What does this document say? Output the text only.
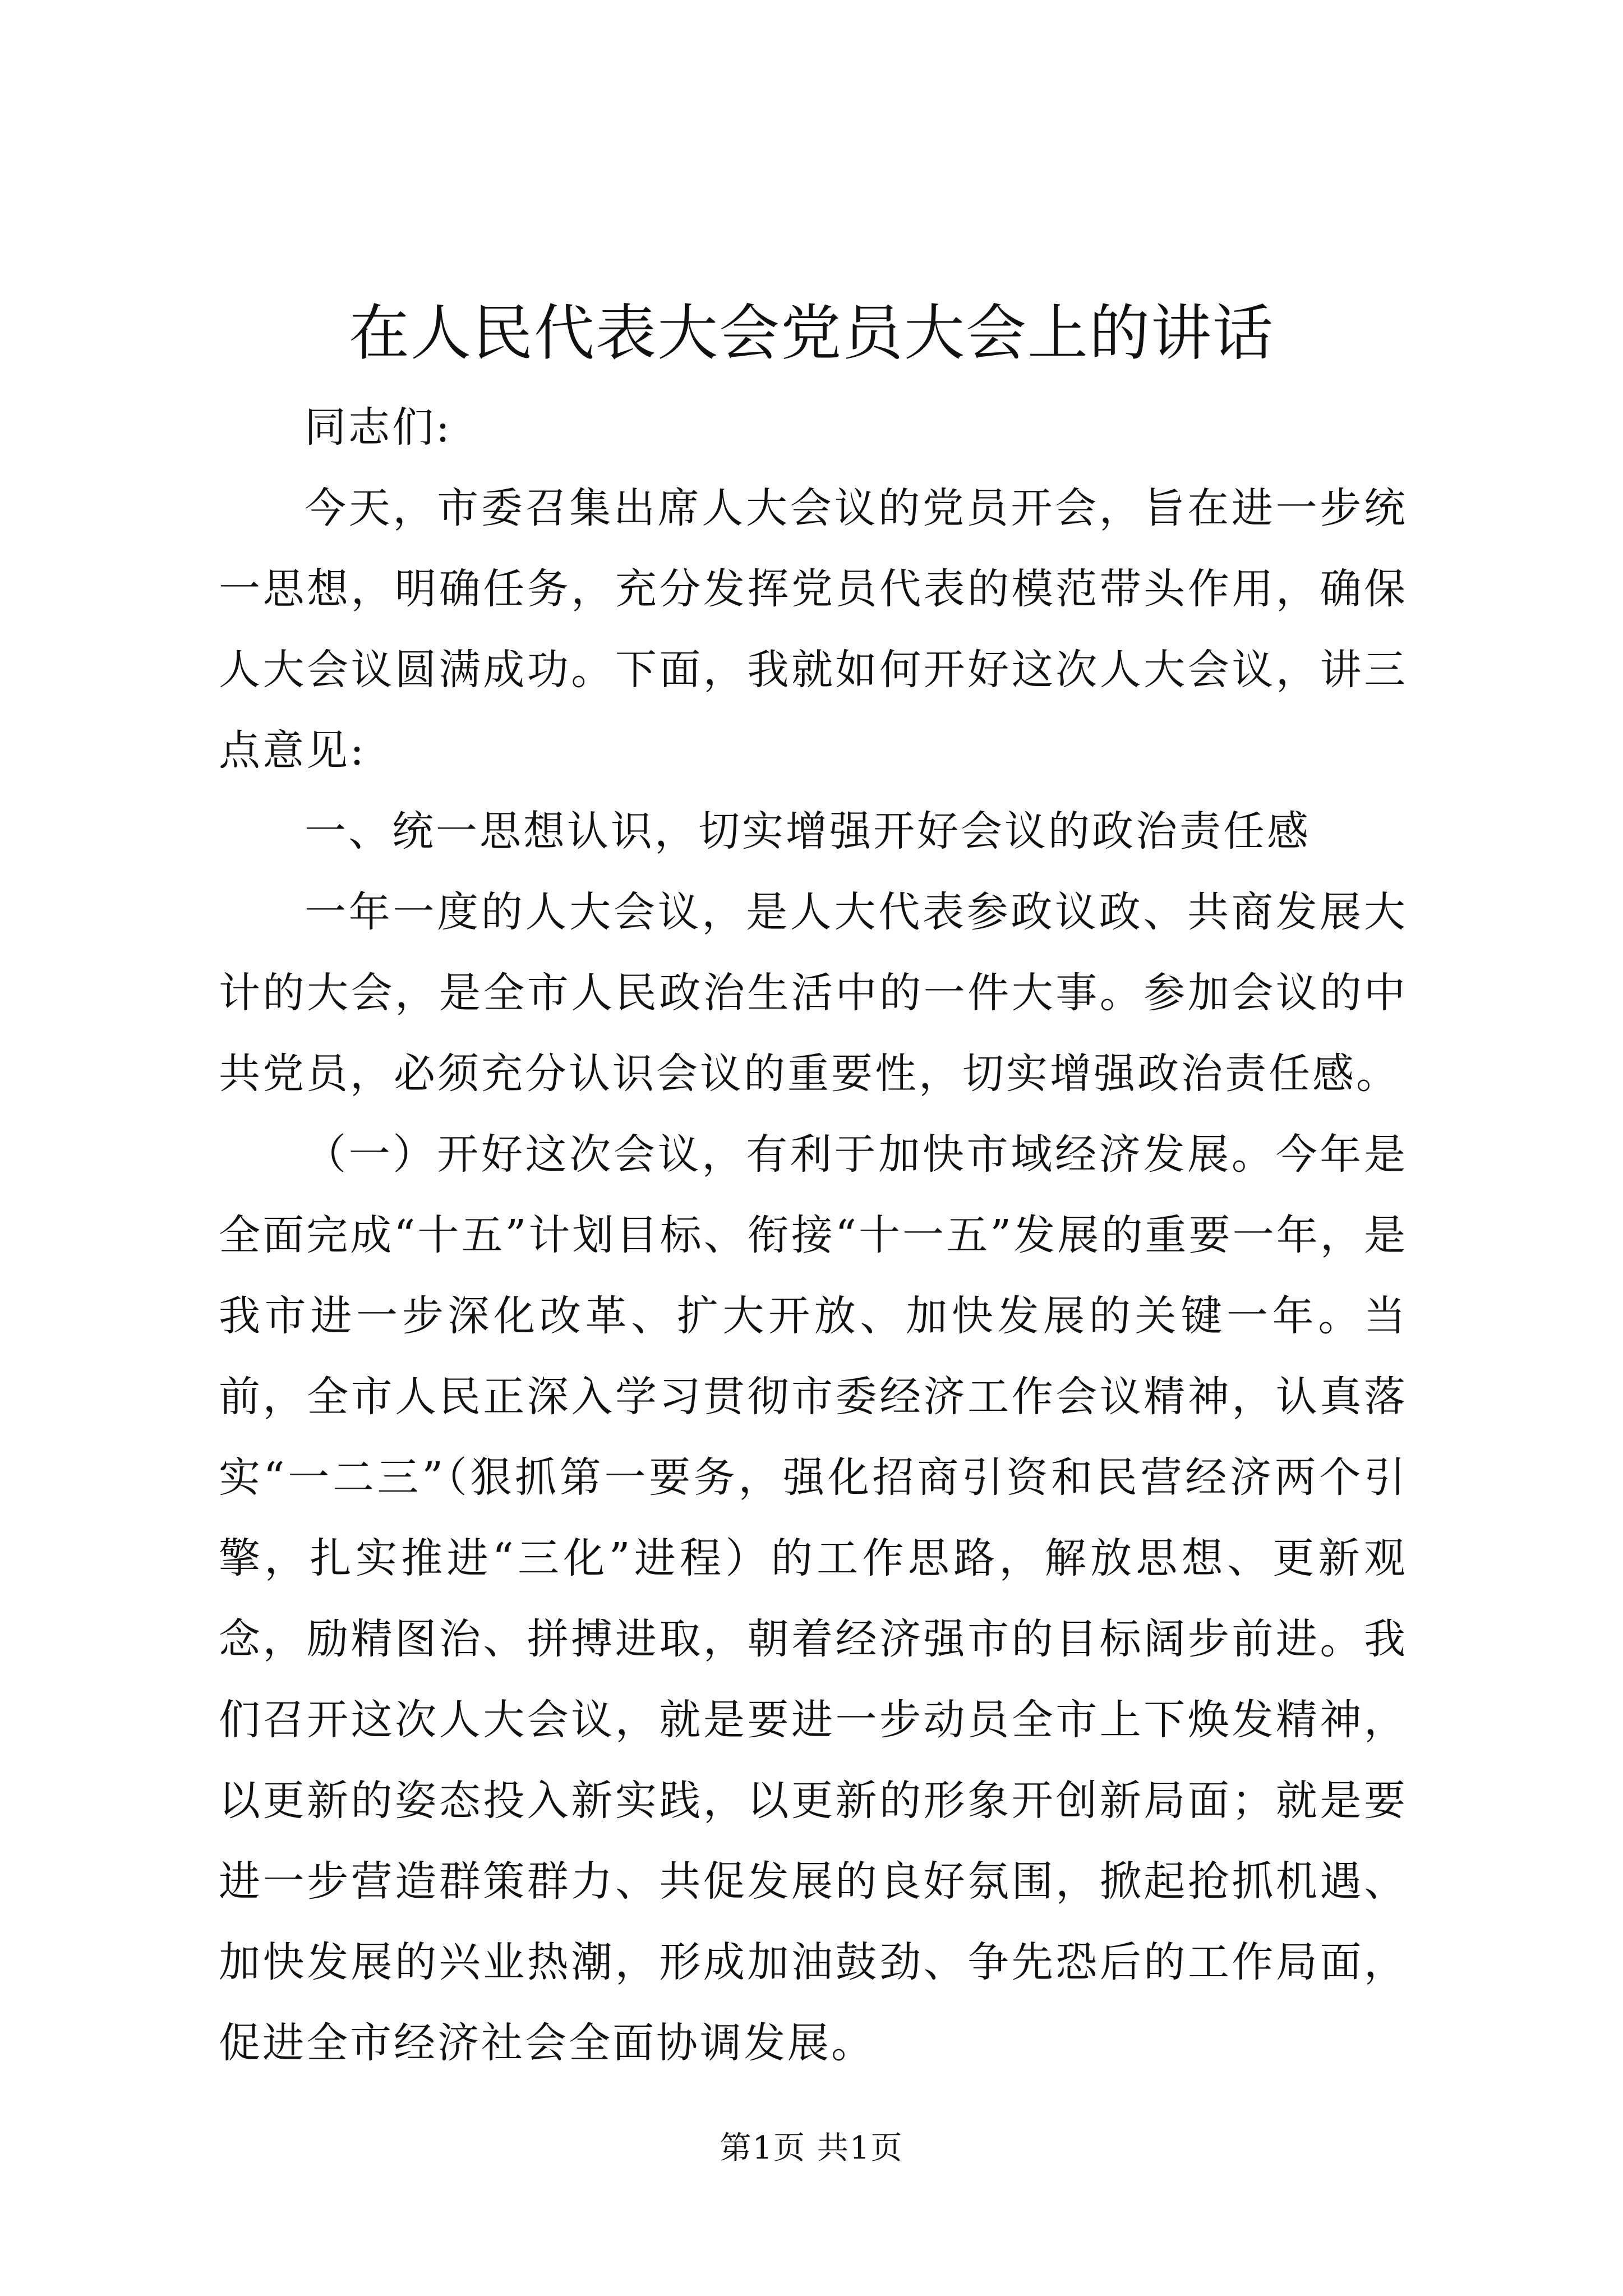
在人民代表大会党员大会上的讲话

同志们:

今天，市委召集出席人大会议的党员开会，旨在进一步统一思想，明确任务，充分发挥党员代表的模范带头作用，确保人大会议圆满成功。下面，我就如何开好这次人大会议，讲三点意见:

一、统一思想认识，切实增强开好会议的政治责任感

一年一度的人大会议，是人大代表参政议政、共商发展大计的大会，是全市人民政治生活中的一件大事。参加会议的中共党员，必须充分认识会议的重要性，切实增强政治责任感。

（一）开好这次会议，有利于加快市域经济发展。今年是全面完成“十五”计划目标、衔接“十一五”发展的重要一年，是我市进一步深化改革、扩大开放、加快发展的关键一年。当前，全市人民正深入学习贯彻市委经济工作会议精神，认真落实“一二三”（狠抓第一要务，强化招商引资和民营经济两个引擎，扎实推进“三化”进程）的工作思路，解放思想、更新观念，励精图治、拼搏进取，朝着经济强市的目标阔步前进。我们召开这次人大会议，就是要进一步动员全市上下焕发精神，以更新的姿态投入新实践，以更新的形象开创新局面；就是要进一步营造群策群力、共促发展的良好氛围，掀起抢抓机遇、加快发展的兴业热潮，形成加油鼓劲、争先恐后的工作局面，促进全市经济社会全面协调发展。

第1页 共1页
